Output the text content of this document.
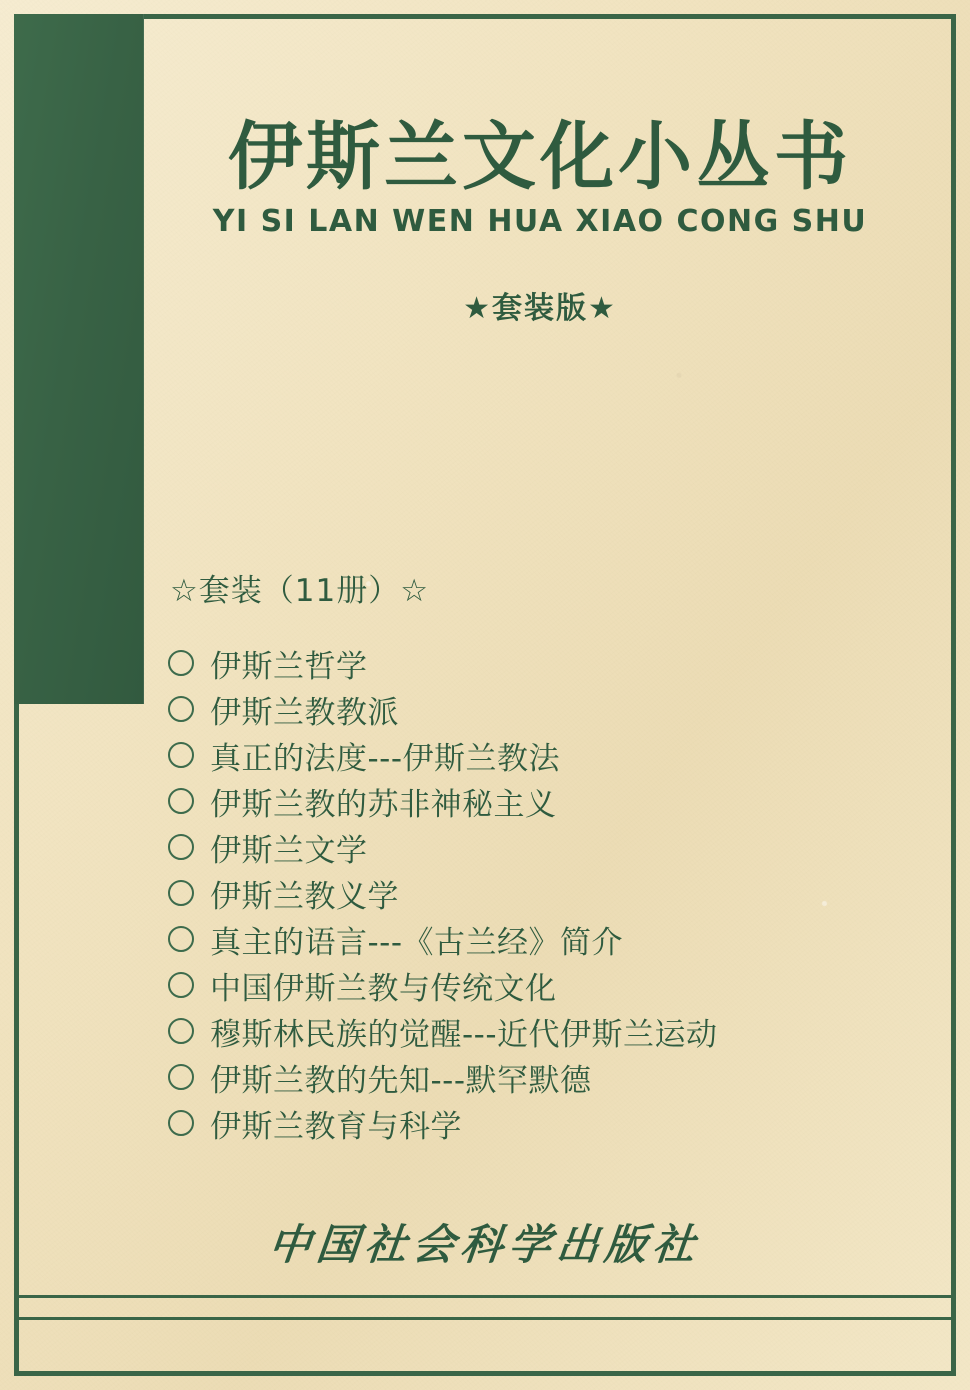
伊斯兰文化小丛书
YI SI LAN WEN HUA XIAO CONG SHU
★套装版★
☆套装（11册）☆
伊斯兰哲学
伊斯兰教教派
真正的法度---伊斯兰教法
伊斯兰教的苏非神秘主义
伊斯兰文学
伊斯兰教义学
真主的语言---《古兰经》简介
中国伊斯兰教与传统文化
穆斯林民族的觉醒---近代伊斯兰运动
伊斯兰教的先知---默罕默德
伊斯兰教育与科学
中国社会科学出版社
